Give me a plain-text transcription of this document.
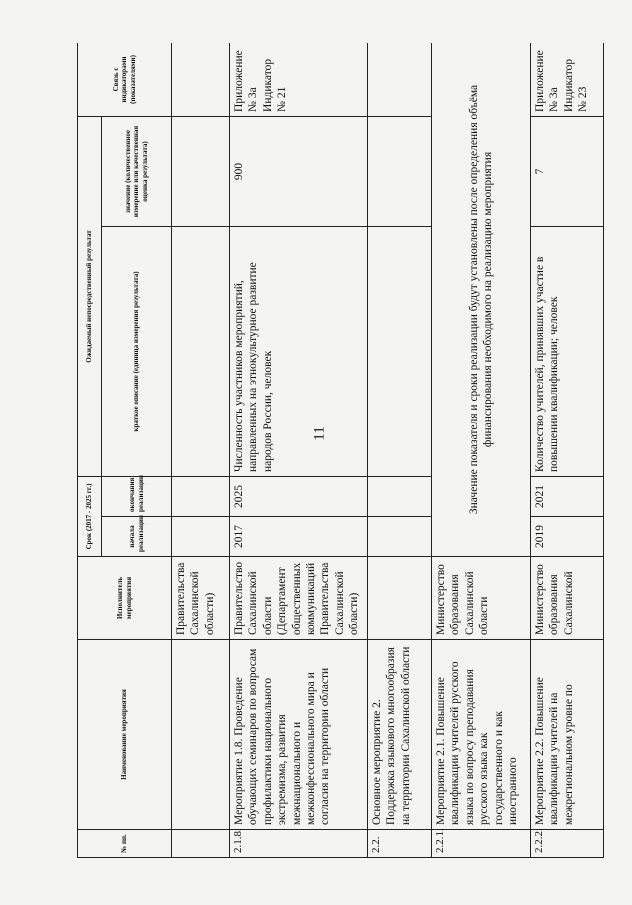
11
№ пп.	Наименование мероприятия	Исполнитель мероприятия	Срок (2017 - 2025 гг.)		Ожидаемый непосредственный результат		Связь с индикаторами (показателями)
			начала реализации	окончания реализации	краткое описание (единица измерения результата)	значение (количественное измерение или качественная оценка результата)	
		Правительства Сахалинской области)					
2.1.8.	Мероприятие 1.8. Проведение обучающих семинаров по вопросам профилактики национального экстремизма, развития межнационального и межконфессионального мира и согласия на территории области	Правительство Сахалинской области (Департамент общественных коммуникаций Правительства Сахалинской области)	2017	2025	Численность участников мероприятий, направленных на этнокультурное развитие народов России, человек	900	Приложение № 3а Индикатор № 21
2.2.	Основное мероприятие 2. Поддержка языкового многообразия на территории Сахалинской области						
2.2.1.	Мероприятие 2.1. Повышение квалификации учителей русского языка по вопросу преподавания русского языка как государственного и как иностранного	Министерство образования Сахалинской области	Значение показателя и сроки реализации будут установлены после определения объёма финансирования необходимого на реализацию мероприятия				
2.2.2.	Мероприятие 2.2. Повышение квалификации учителей на межрегиональном уровне по	Министерство образования Сахалинской	2019	2021	Количество учителей, принявших участие в повышении квалификации; человек	7	Приложение № 3а Индикатор № 23
